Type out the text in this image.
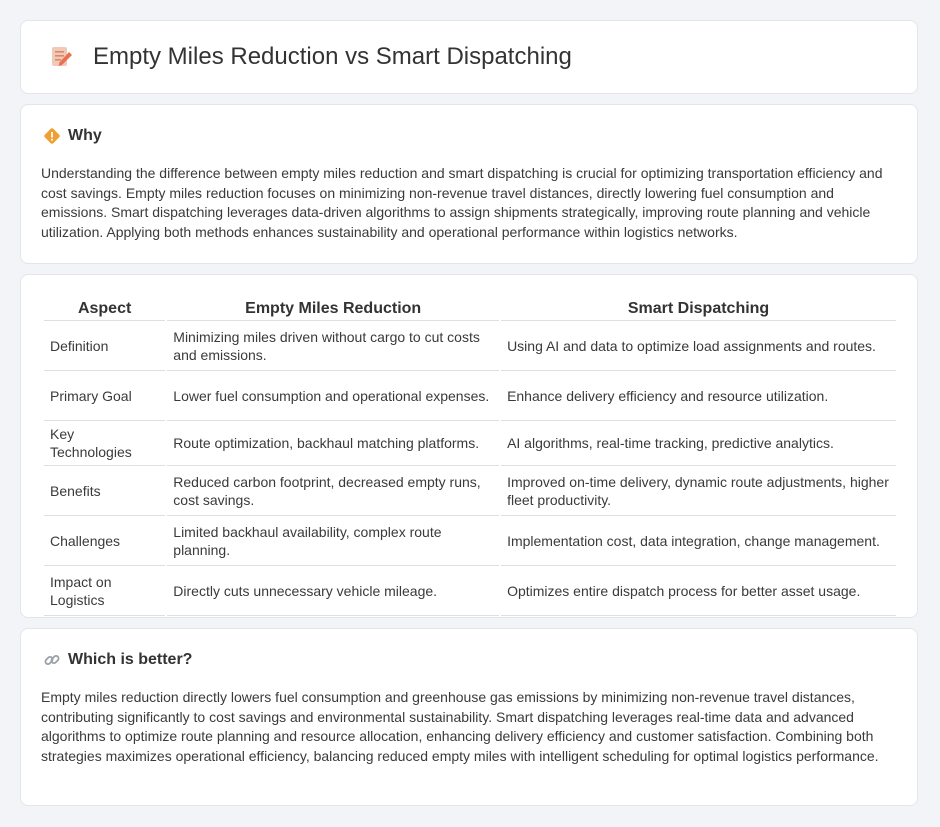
Empty Miles Reduction vs Smart Dispatching
Why

Understanding the difference between empty miles reduction and smart dispatching is crucial for optimizing transportation efficiency and cost savings. Empty miles reduction focuses on minimizing non-revenue travel distances, directly lowering fuel consumption and emissions. Smart dispatching leverages data-driven algorithms to assign shipments strategically, improving route planning and vehicle utilization. Applying both methods enhances sustainability and operational performance within logistics networks.

Aspect	Empty Miles Reduction	Smart Dispatching
Definition	Minimizing miles driven without cargo to cut costs and emissions.	Using AI and data to optimize load assignments and routes.
Primary Goal	Lower fuel consumption and operational expenses.	Enhance delivery efficiency and resource utilization.
Key Technologies	Route optimization, backhaul matching platforms.	AI algorithms, real-time tracking, predictive analytics.
Benefits	Reduced carbon footprint, decreased empty runs, cost savings.	Improved on-time delivery, dynamic route adjustments, higher fleet productivity.
Challenges	Limited backhaul availability, complex route planning.	Implementation cost, data integration, change management.
Impact on Logistics	Directly cuts unnecessary vehicle mileage.	Optimizes entire dispatch process for better asset usage.
Which is better?

Empty miles reduction directly lowers fuel consumption and greenhouse gas emissions by minimizing non-revenue travel distances, contributing significantly to cost savings and environmental sustainability. Smart dispatching leverages real-time data and advanced algorithms to optimize route planning and resource allocation, enhancing delivery efficiency and customer satisfaction. Combining both strategies maximizes operational efficiency, balancing reduced empty miles with intelligent scheduling for optimal logistics performance.
